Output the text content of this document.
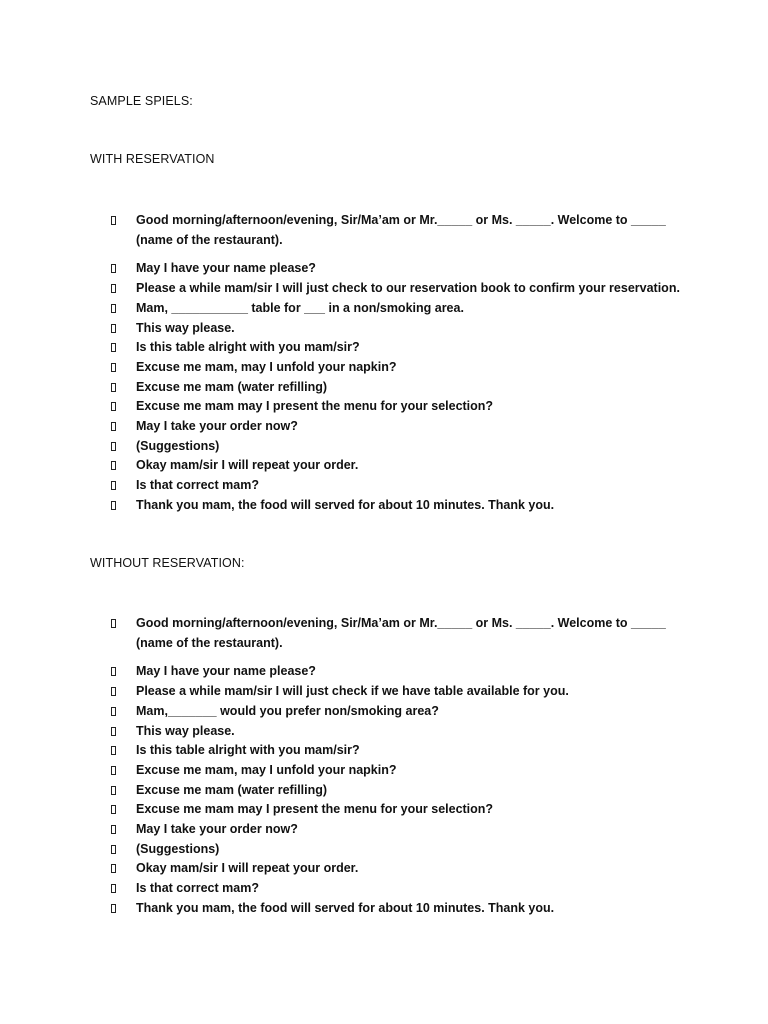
SAMPLE SPIELS:
WITH RESERVATION
Good morning/afternoon/evening, Sir/Ma’am or Mr._____ or Ms. _____. Welcome to _____ (name of the restaurant).
May I have your name please?
Please a while mam/sir I will just check to our reservation book to confirm your reservation.
Mam, ___________ table for ___ in a non/smoking area.
This way please.
Is this table alright with you mam/sir?
Excuse me mam, may I unfold your napkin?
Excuse me mam (water refilling)
Excuse me mam may I present the menu for your selection?
May I take your order now?
(Suggestions)
Okay mam/sir I will repeat your order.
Is that correct mam?
Thank you mam, the food will served for about 10 minutes. Thank you.
WITHOUT RESERVATION:
Good morning/afternoon/evening, Sir/Ma’am or Mr._____ or Ms. _____. Welcome to _____ (name of the restaurant).
May I have your name please?
Please a while mam/sir I will just check if we have table available for you.
Mam,_______ would you prefer non/smoking area?
This way please.
Is this table alright with you mam/sir?
Excuse me mam, may I unfold your napkin?
Excuse me mam (water refilling)
Excuse me mam may I present the menu for your selection?
May I take your order now?
(Suggestions)
Okay mam/sir I will repeat your order.
Is that correct mam?
Thank you mam, the food will served for about 10 minutes. Thank you.
